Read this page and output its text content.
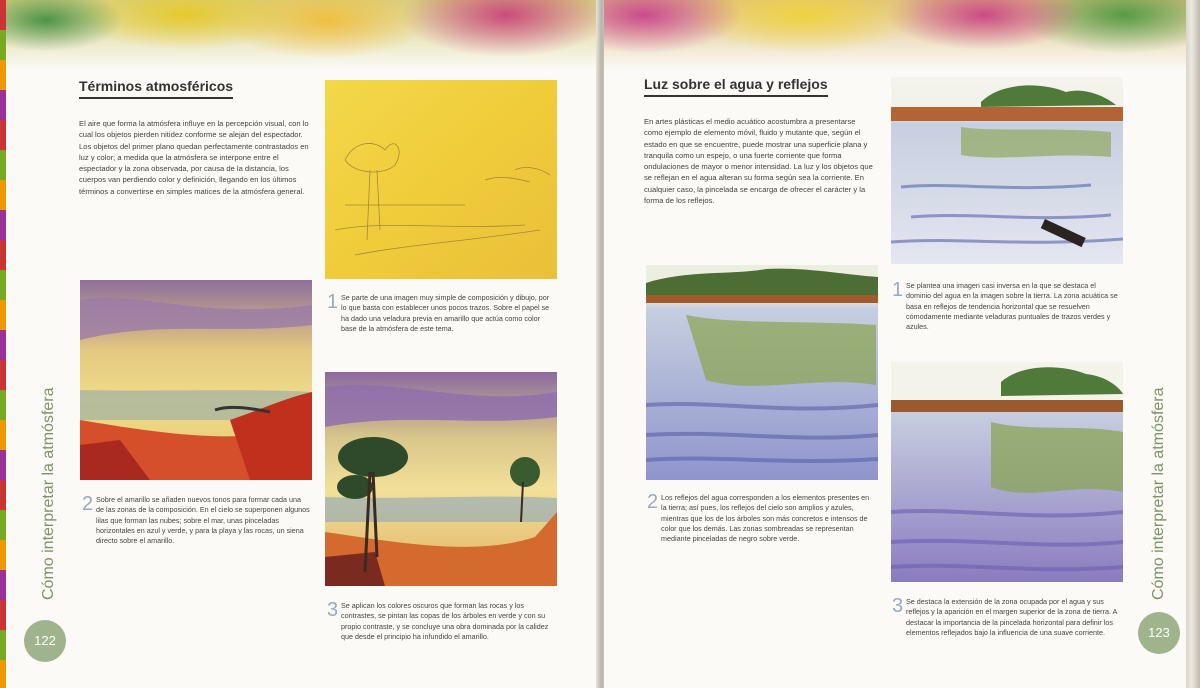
Términos atmosféricos

El aire que forma la atmósfera influye en la percepción visual, con lo cual los objetos pierden nitidez conforme se alejan del espectador. Los objetos del primer plano quedan perfectamente contrastados en luz y color; a medida que la atmósfera se interpone entre el espectador y la zona observada, por causa de la distancia, los cuerpos van perdiendo color y definición, llegando en los últimos términos a convertirse en simples matices de la atmósfera general.

1 Se parte de una imagen muy simple de composición y dibujo, por lo que basta con establecer unos pocos trazos. Sobre el papel se ha dado una veladura previa en amarillo que actúa como color base de la atmósfera de este tema.

2 Sobre el amarillo se añaden nuevos tonos para formar cada una de las zonas de la composición. En el cielo se superponen algunos lilas que forman las nubes; sobre el mar, unas pinceladas horizontales en azul y verde, y para la playa y las rocas, un siena directo sobre el amarillo.

3 Se aplican los colores oscuros que forman las rocas y los contrastes, se pintan las copas de los árboles en verde y con su propio contraste, y se concluye una obra dominada por la calidez que desde el principio ha infundido el amarillo.

Cómo interpretar la atmósfera
122
Luz sobre el agua y reflejos

En artes plásticas el medio acuático acostumbra a presentarse como ejemplo de elemento móvil, fluido y mutante que, según el estado en que se encuentre, puede mostrar una superficie plana y tranquila como un espejo, o una fuerte corriente que forma ondulaciones de mayor o menor intensidad. La luz y los objetos que se reflejan en el agua alteran su forma según sea la corriente. En cualquier caso, la pincelada se encarga de ofrecer el carácter y la forma de los reflejos.

1 Se plantea una imagen casi inversa en la que se destaca el dominio del agua en la imagen sobre la tierra. La zona acuática se basa en reflejos de tendencia horizontal que se resuelven cómodamente mediante veladuras puntuales de trazos verdes y azules.

2 Los reflejos del agua corresponden a los elementos presentes en la tierra; así pues, los reflejos del cielo son amplios y azules, mientras que los de los árboles son más concretos e intensos de color que los demás. Las zonas sombreadas se representan mediante pinceladas de negro sobre verde.

3 Se destaca la extensión de la zona ocupada por el agua y sus reflejos y la aparición en el margen superior de la zona de tierra. A destacar la importancia de la pincelada horizontal para definir los elementos reflejados bajo la influencia de una suave corriente.

Cómo interpretar la atmósfera
123
